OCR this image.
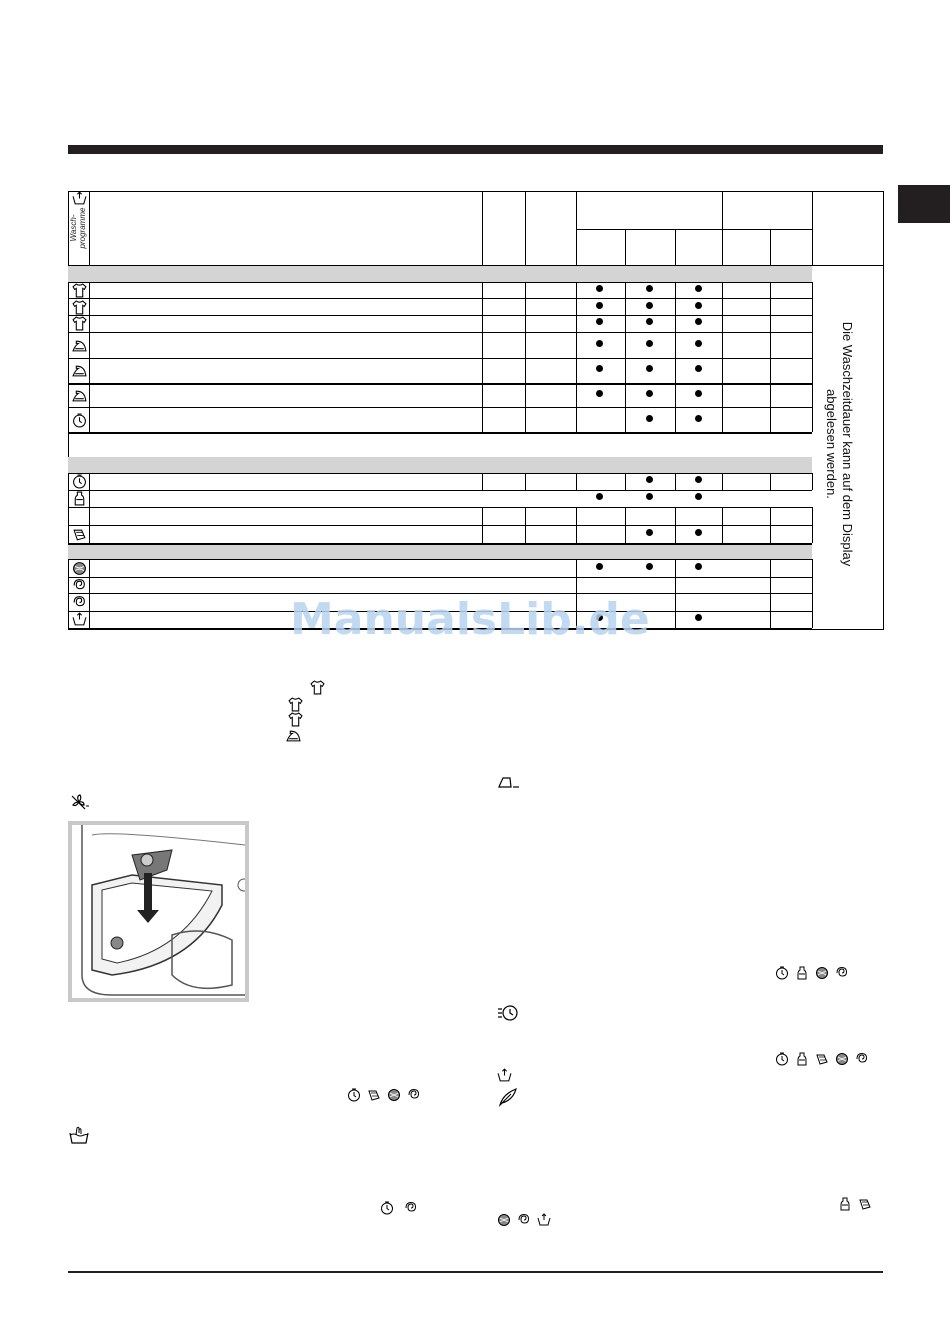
Wasch-
programme
Die Waschzeitdauer kann auf dem Display
abgelesen werden.
ManualsLib.de
